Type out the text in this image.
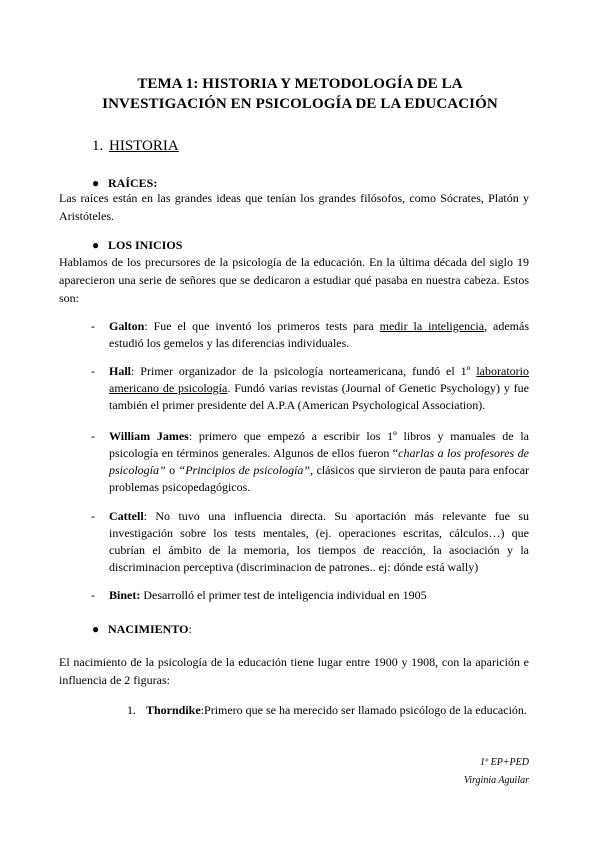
TEMA 1: HISTORIA Y METODOLOGÍA DE LA
INVESTIGACIÓN EN PSICOLOGÍA DE LA EDUCACIÓN
1. HISTORIA
● RAÍCES:
Las raíces están en las grandes ideas que tenían los grandes filósofos, como Sócrates, Platón y Aristóteles.
● LOS INICIOS
Hablamos de los precursores de la psicología de la educación. En la última década del siglo 19 aparecieron una serie de señores que se dedicaron a estudiar qué pasaba en nuestra cabeza. Estos son:
- Galton: Fue el que inventó los primeros tests para medir la inteligencia, además estudió los gemelos y las diferencias individuales.
- Hall: Primer organizador de la psicología norteamericana, fundó el 1º laboratorio americano de psicología. Fundó varias revistas (Journal of Genetic Psychology) y fue también el primer presidente del A.P.A (American Psychological Association).
- William James: primero que empezó a escribir los 1º libros y manuales de la psicología en términos generales. Algunos de ellos fueron “charlas a los profesores de psicología” o “Principios de psicología”, clásicos que sirvieron de pauta para enfocar problemas psicopedagógicos.
- Cattell: No tuvo una influencia directa. Su aportación más relevante fue su investigación sobre los tests mentales, (ej. operaciones escritas, cálculos…) que cubrían el ámbito de la memoria, los tiempos de reacción, la asociación y la discriminacion perceptiva (discriminacion de patrones.. ej: dónde está wally)
- Binet: Desarrolló el primer test de inteligencia individual en 1905
● NACIMIENTO:
El nacimiento de la psicología de la educación tiene lugar entre 1900 y 1908, con la aparición e influencia de 2 figuras:
1. Thorndike:Primero que se ha merecido ser llamado psicólogo de la educación.
1º EP+PED
Virginia Aguilar
